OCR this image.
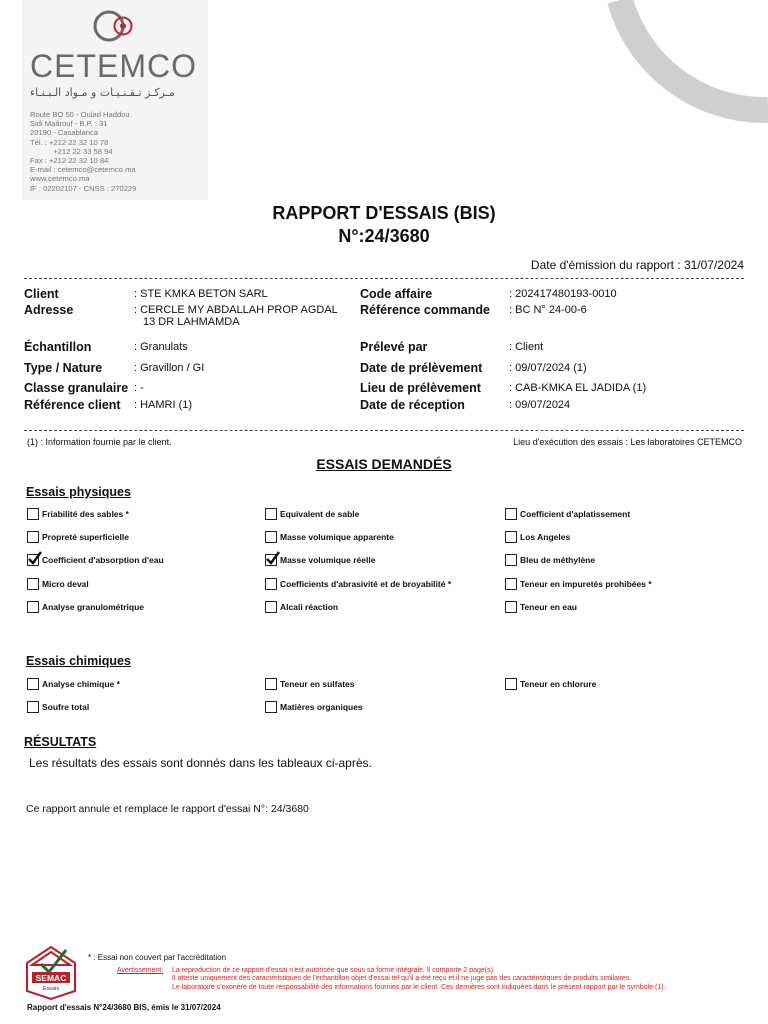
CETEMCO
مـركـز تـقـنـيـات و مـواد الـبـنـاء
Route BO 50 - Oulad Haddou
Sidi Maârouf - B.P. : 31
20190 - Casablanca
Tél. : +212 22 32 10 78
+212 22 33 58 94
Fax : +212 22 32 10 84
E-mail : cetemco@cetemco.ma
www.cetemco.ma
IF : 02202107 - CNSS : 270229
RAPPORT D'ESSAIS (BIS)
N°:24/3680
Date d'émission du rapport : 31/07/2024
Client	: STE KMKA BETON SARL
Adresse	: CERCLE MY ABDALLAH PROP AGDAL
13 DR LAHMAMDA
Échantillon	: Granulats
Type / Nature	: Gravillon / GI
Classe granulaire : -
Référence client : HAMRI (1)
Code affaire	: 202417480193-0010
Référence commande : BC N° 24-00-6
Prélevé par	: Client
Date de prélèvement : 09/07/2024 (1)
Lieu de prélèvement	: CAB-KMKA EL JADIDA (1)
Date de réception	: 09/07/2024
(1) : Information fournie par le client.	Lieu d'exécution des essais : Les laboratoires CETEMCO
ESSAIS DEMANDÉS
Essais physiques
Friabilité des sables *	Equivalent de sable	Coefficient d'aplatissement
Propreté superficielle	Masse volumique apparente	Los Angeles
Coefficient d'absorption d'eau	Masse volumique réelle	Bleu de méthylène
Micro deval	Coefficients d'abrasivité et de broyabilité *	Teneur en impuretés prohibées *
Analyse granulométrique	Alcali réaction	Teneur en eau
Essais chimiques
Analyse chimique *	Teneur en sulfates	Teneur en chlorure
Soufre total	Matières organiques
RÉSULTATS
Les résultats des essais sont donnés dans les tableaux ci-après.
Ce rapport annule et remplace le rapport d'essai N°: 24/3680
SEMAC
Essais
* : Essai non couvert par l'accréditation
Avertissement: La reproduction de ce rapport d'essai n'est autorisée que sous sa forme intégrale. Il comporte 2 page(s).
Il atteste uniquement des caractéristiques de l'échantillon objet d'essai tel qu'il a été reçu et il ne juge pas des caractéristiques de produits similaires.
Le laboratoire s'exonère de toute responsabilité des informations fournies par le client. Ces dernières sont indiquées dans le présent rapport par le symbole (1).
Rapport d'essais N°24/3680 BIS, émis le 31/07/2024
